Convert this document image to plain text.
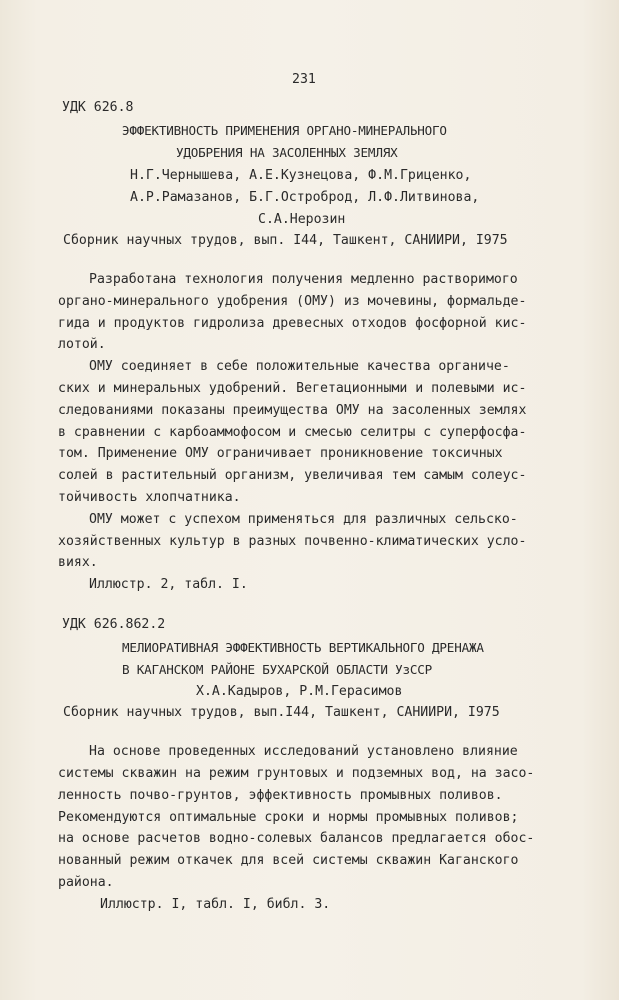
231
УДК 626.8
ЭФФЕКТИВНОСТЬ ПРИМЕНЕНИЯ ОРГАНО-МИНЕРАЛЬНОГО
УДОБРЕНИЯ НА ЗАСОЛЕННЫХ ЗЕМЛЯХ
Н.Г.Чернышева, А.Е.Кузнецова, Ф.М.Гриценко,
А.Р.Рамазанов, Б.Г.Остроброд, Л.Ф.Литвинова,
С.А.Нерозин
Сборник научных трудов, вып. I44, Ташкент, САНИИРИ, I975
Разработана технология получения медленно растворимого
органо-минерального удобрения (ОМУ) из мочевины, формальде-
гида и продуктов гидролиза древесных отходов фосфорной кис-
лотой.
ОМУ соединяет в себе положительные качества органиче-
ских и минеральных удобрений. Вегетационными и полевыми ис-
следованиями показаны преимущества ОМУ на засоленных землях
в сравнении с карбоаммофосом и смесью селитры с суперфосфа-
том. Применение ОМУ ограничивает проникновение токсичных
солей в растительный организм, увеличивая тем самым солеус-
тойчивость хлопчатника.
ОМУ может с успехом применяться для различных сельско-
хозяйственных культур в разных почвенно-климатических усло-
виях.
Иллюстр. 2, табл. I.
УДК 626.862.2
МЕЛИОРАТИВНАЯ ЭФФЕКТИВНОСТЬ ВЕРТИКАЛЬНОГО ДРЕНАЖА
В КАГАНСКОМ РАЙОНЕ БУХАРСКОЙ ОБЛАСТИ УзССР
Х.А.Кадыров, Р.М.Герасимов
Сборник научных трудов, вып.I44, Ташкент, САНИИРИ, I975
На основе проведенных исследований установлено влияние
системы скважин на режим грунтовых и подземных вод, на засо-
ленность почво-грунтов, эффективность промывных поливов.
Рекомендуются оптимальные сроки и нормы промывных поливов;
на основе расчетов водно-солевых балансов предлагается обос-
нованный режим откачек для всей системы скважин Каганского
района.
Иллюстр. I, табл. I, библ. 3.
